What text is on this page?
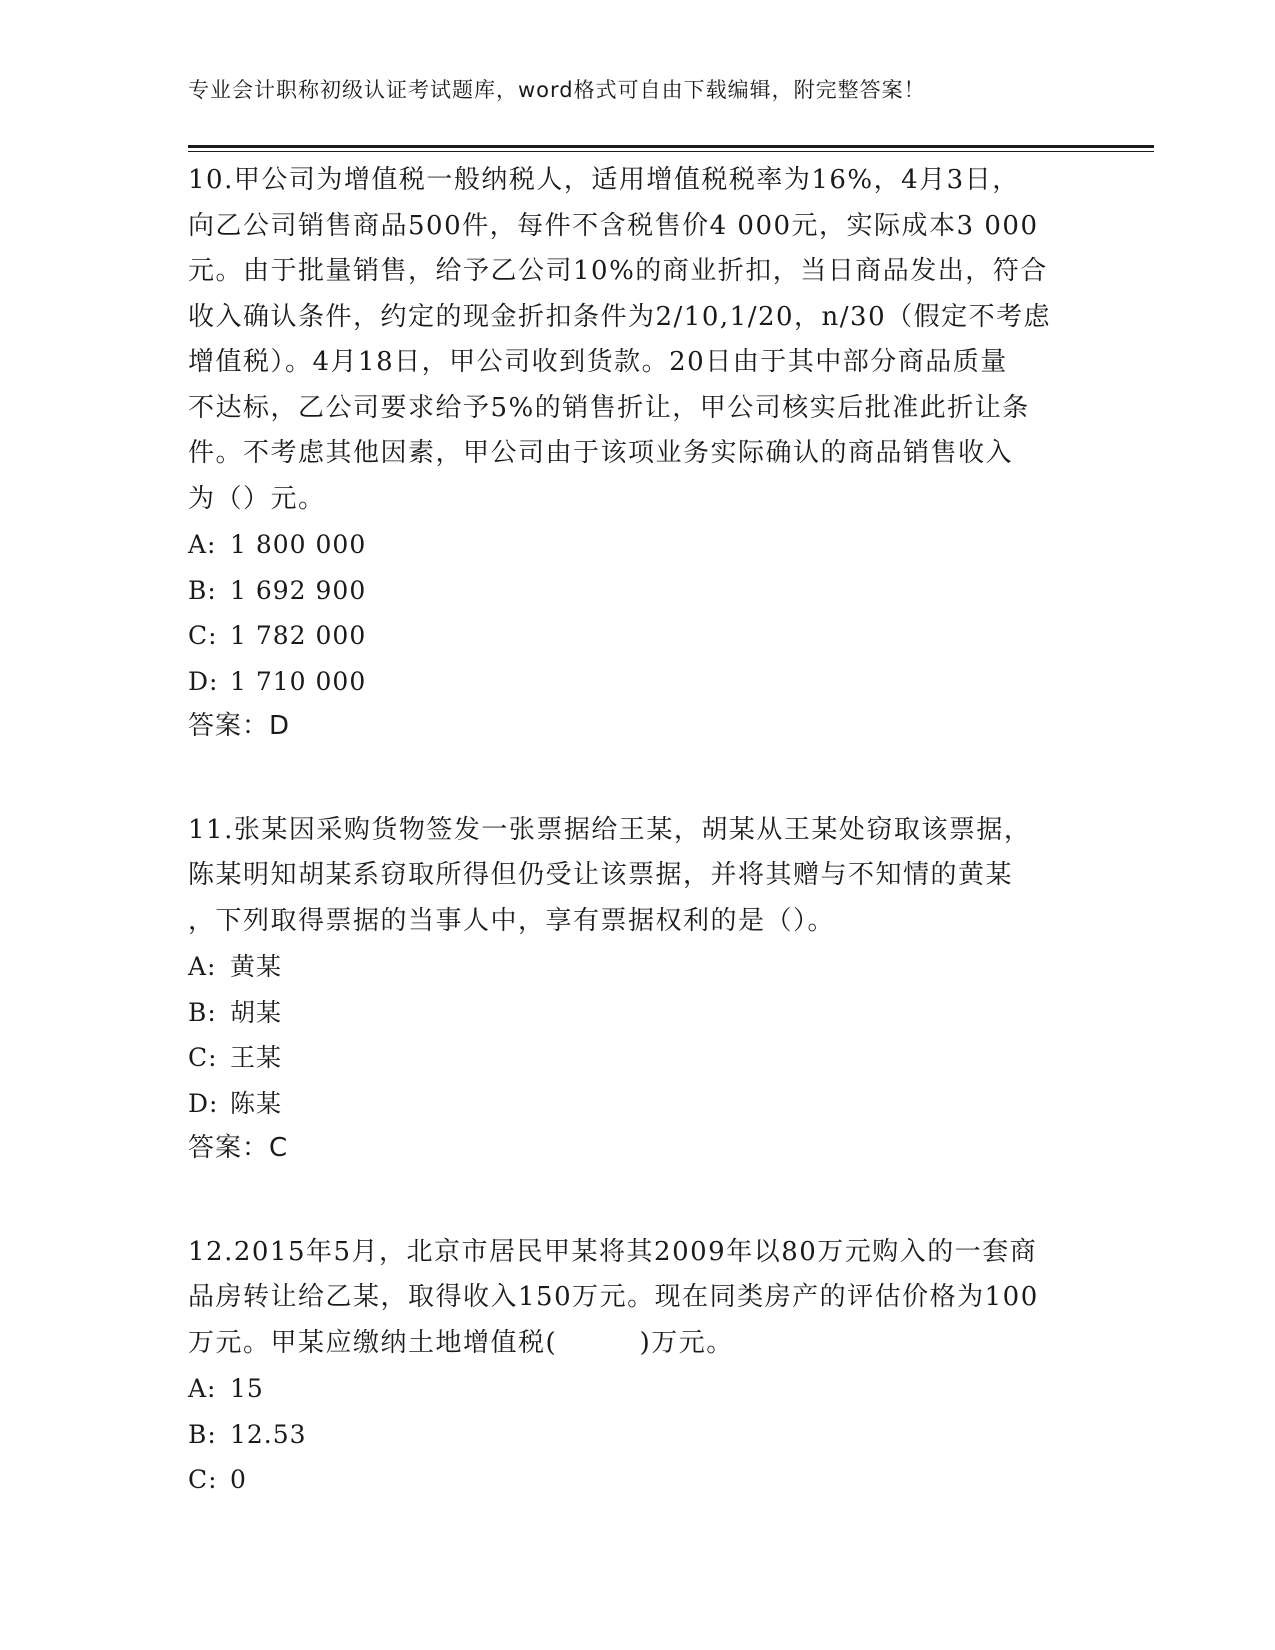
专业会计职称初级认证考试题库，word格式可自由下载编辑，附完整答案！
10.甲公司为增值税一般纳税人，适用增值税税率为16%，4月3日，
向乙公司销售商品500件，每件不含税售价4 000元，实际成本3 000
元。由于批量销售，给予乙公司10%的商业折扣，当日商品发出，符合
收入确认条件，约定的现金折扣条件为2/10,1/20，n/30（假定不考虑
增值税）。4月18日，甲公司收到货款。20日由于其中部分商品质量
不达标，乙公司要求给予5%的销售折让，甲公司核实后批准此折让条
件。不考虑其他因素，甲公司由于该项业务实际确认的商品销售收入
为（）元。
A: 1 800 000
B: 1 692 900
C: 1 782 000
D: 1 710 000
答案：D
11.张某因采购货物签发一张票据给王某，胡某从王某处窃取该票据，
陈某明知胡某系窃取所得但仍受让该票据，并将其赠与不知情的黄某
，下列取得票据的当事人中，享有票据权利的是（）。
A: 黄某
B: 胡某
C: 王某
D: 陈某
答案：C
12.2015年5月，北京市居民甲某将其2009年以80万元购入的一套商
品房转让给乙某，取得收入150万元。现在同类房产的评估价格为100
万元。甲某应缴纳土地增值税(　　　)万元。
A: 15
B: 12.53
C: 0
